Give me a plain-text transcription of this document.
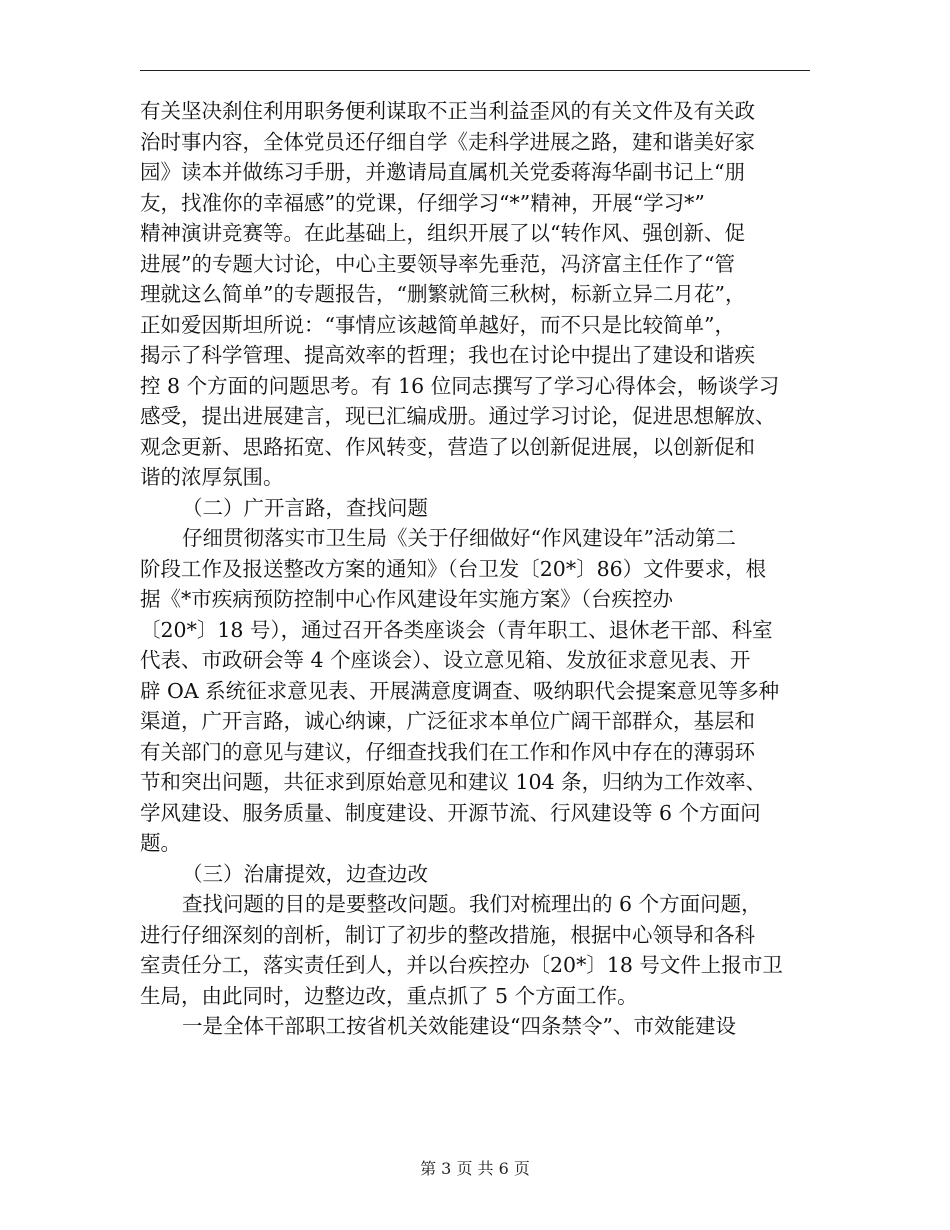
有关坚决刹住利用职务便利谋取不正当利益歪风的有关文件及有关政
治时事内容，全体党员还仔细自学《走科学进展之路，建和谐美好家
园》读本并做练习手册，并邀请局直属机关党委蒋海华副书记上“朋
友，找准你的幸福感”的党课，仔细学习“*”精神，开展“学习*”
精神演讲竞赛等。在此基础上，组织开展了以“转作风、强创新、促
进展”的专题大讨论，中心主要领导率先垂范，冯济富主任作了“管
理就这么简单”的专题报告，“删繁就简三秋树，标新立异二月花”，
正如爱因斯坦所说：“事情应该越简单越好，而不只是比较简单”，
揭示了科学管理、提高效率的哲理；我也在讨论中提出了建设和谐疾
控 8 个方面的问题思考。有 16 位同志撰写了学习心得体会，畅谈学习
感受，提出进展建言，现已汇编成册。通过学习讨论，促进思想解放、
观念更新、思路拓宽、作风转变，营造了以创新促进展，以创新促和
谐的浓厚氛围。

（二）广开言路，查找问题

仔细贯彻落实市卫生局《关于仔细做好“作风建设年”活动第二
阶段工作及报送整改方案的通知》（台卫发〔20*〕86）文件要求，根
据《*市疾病预防控制中心作风建设年实施方案》（台疾控办
〔20*〕18 号），通过召开各类座谈会（青年职工、退休老干部、科室
代表、市政研会等 4 个座谈会）、设立意见箱、发放征求意见表、开
辟 OA 系统征求意见表、开展满意度调查、吸纳职代会提案意见等多种
渠道，广开言路，诚心纳谏，广泛征求本单位广阔干部群众，基层和
有关部门的意见与建议，仔细查找我们在工作和作风中存在的薄弱环
节和突出问题，共征求到原始意见和建议 104 条，归纳为工作效率、
学风建设、服务质量、制度建设、开源节流、行风建设等 6 个方面问
题。

（三）治庸提效，边查边改

查找问题的目的是要整改问题。我们对梳理出的 6 个方面问题，
进行仔细深刻的剖析，制订了初步的整改措施，根据中心领导和各科
室责任分工，落实责任到人，并以台疾控办〔20*〕18 号文件上报市卫
生局，由此同时，边整边改，重点抓了 5 个方面工作。

一是全体干部职工按省机关效能建设“四条禁令”、市效能建设

第 3 页 共 6 页
